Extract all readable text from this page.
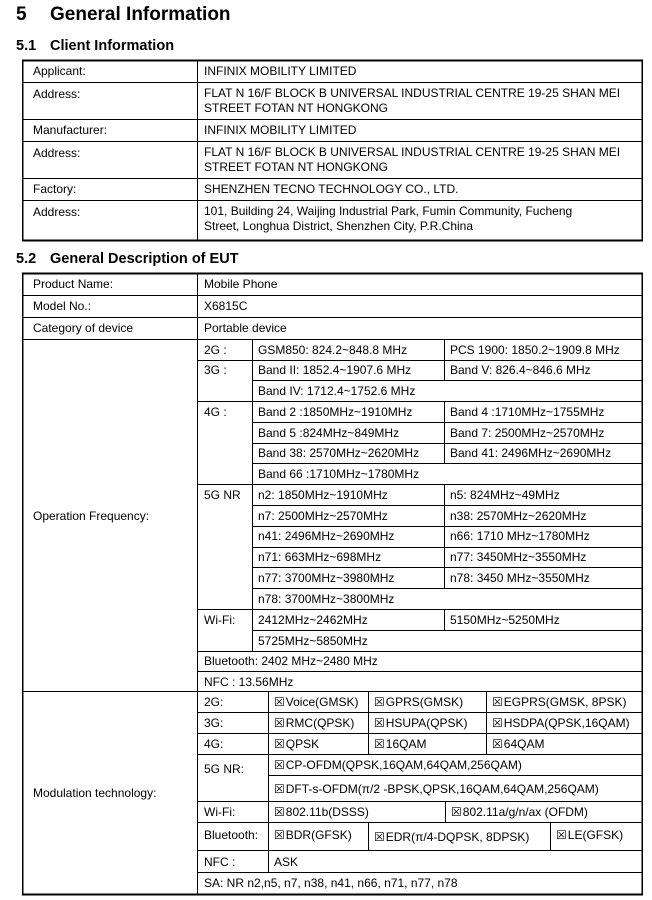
5 General Information
5.1 Client Information
5.2 General Description of EUT
Applicant:	INFINIX MOBILITY LIMITED
Address:	FLAT N 16/F BLOCK B UNIVERSAL INDUSTRIAL CENTRE 19-25 SHAN MEI STREET FOTAN NT HONGKONG
Manufacturer:	INFINIX MOBILITY LIMITED
Address:	FLAT N 16/F BLOCK B UNIVERSAL INDUSTRIAL CENTRE 19-25 SHAN MEI STREET FOTAN NT HONGKONG
Factory:	SHENZHEN TECNO TECHNOLOGY CO., LTD.
Address:	101, Building 24, Waijing Industrial Park, Fumin Community, Fucheng Street, Longhua District, Shenzhen City, P.R.China
Product Name:	Mobile Phone
Model No.:	X6815C
Category of device	Portable device
Operation Frequency:
2G :	GSM850: 824.2~848.8 MHz	PCS 1900: 1850.2~1909.8 MHz
3G :	Band II: 1852.4~1907.6 MHz	Band V: 826.4~846.6 MHz
Band IV: 1712.4~1752.6 MHz
4G :	Band 2 :1850MHz~1910MHz	Band 4 :1710MHz~1755MHz
Band 5 :824MHz~849MHz	Band 7: 2500MHz~2570MHz
Band 38: 2570MHz~2620MHz	Band 41: 2496MHz~2690MHz
Band 66 :1710MHz~1780MHz
5G NR n2: 1850MHz~1910MHz	n5: 824MHz~49MHz
n7: 2500MHz~2570MHz	n38: 2570MHz~2620MHz
n41: 2496MHz~2690MHz	n66: 1710 MHz~1780MHz
n71: 663MHz~698MHz	n77: 3450MHz~3550MHz
n77: 3700MHz~3980MHz	n78: 3450 MHz~3550MHz
n78: 3700MHz~3800MHz
Wi-Fi: 2412MHz~2462MHz	5150MHz~5250MHz
5725MHz~5850MHz
Bluetooth: 2402 MHz~2480 MHz
NFC : 13.56MHz
Modulation technology:
2G:	☒Voice(GMSK) ☒GPRS(GMSK) ☒EGPRS(GMSK, 8PSK)
3G:	☒RMC(QPSK) ☒HSUPA(QPSK) ☒HSDPA(QPSK,16QAM)
4G:	☒QPSK	☒16QAM	☒64QAM
5G NR: ☒CP-OFDM(QPSK,16QAM,64QAM,256QAM)
☒DFT-s-OFDM(π/2 -BPSK,QPSK,16QAM,64QAM,256QAM)
Wi-Fi:	☒802.11b(DSSS)	☒802.11a/g/n/ax (OFDM)
Bluetooth: ☒BDR(GFSK) ☒EDR(π/4-DQPSK, 8DPSK) ☒LE(GFSK)
NFC :	ASK
SA: NR n2,n5, n7, n38, n41, n66, n71, n77, n78
